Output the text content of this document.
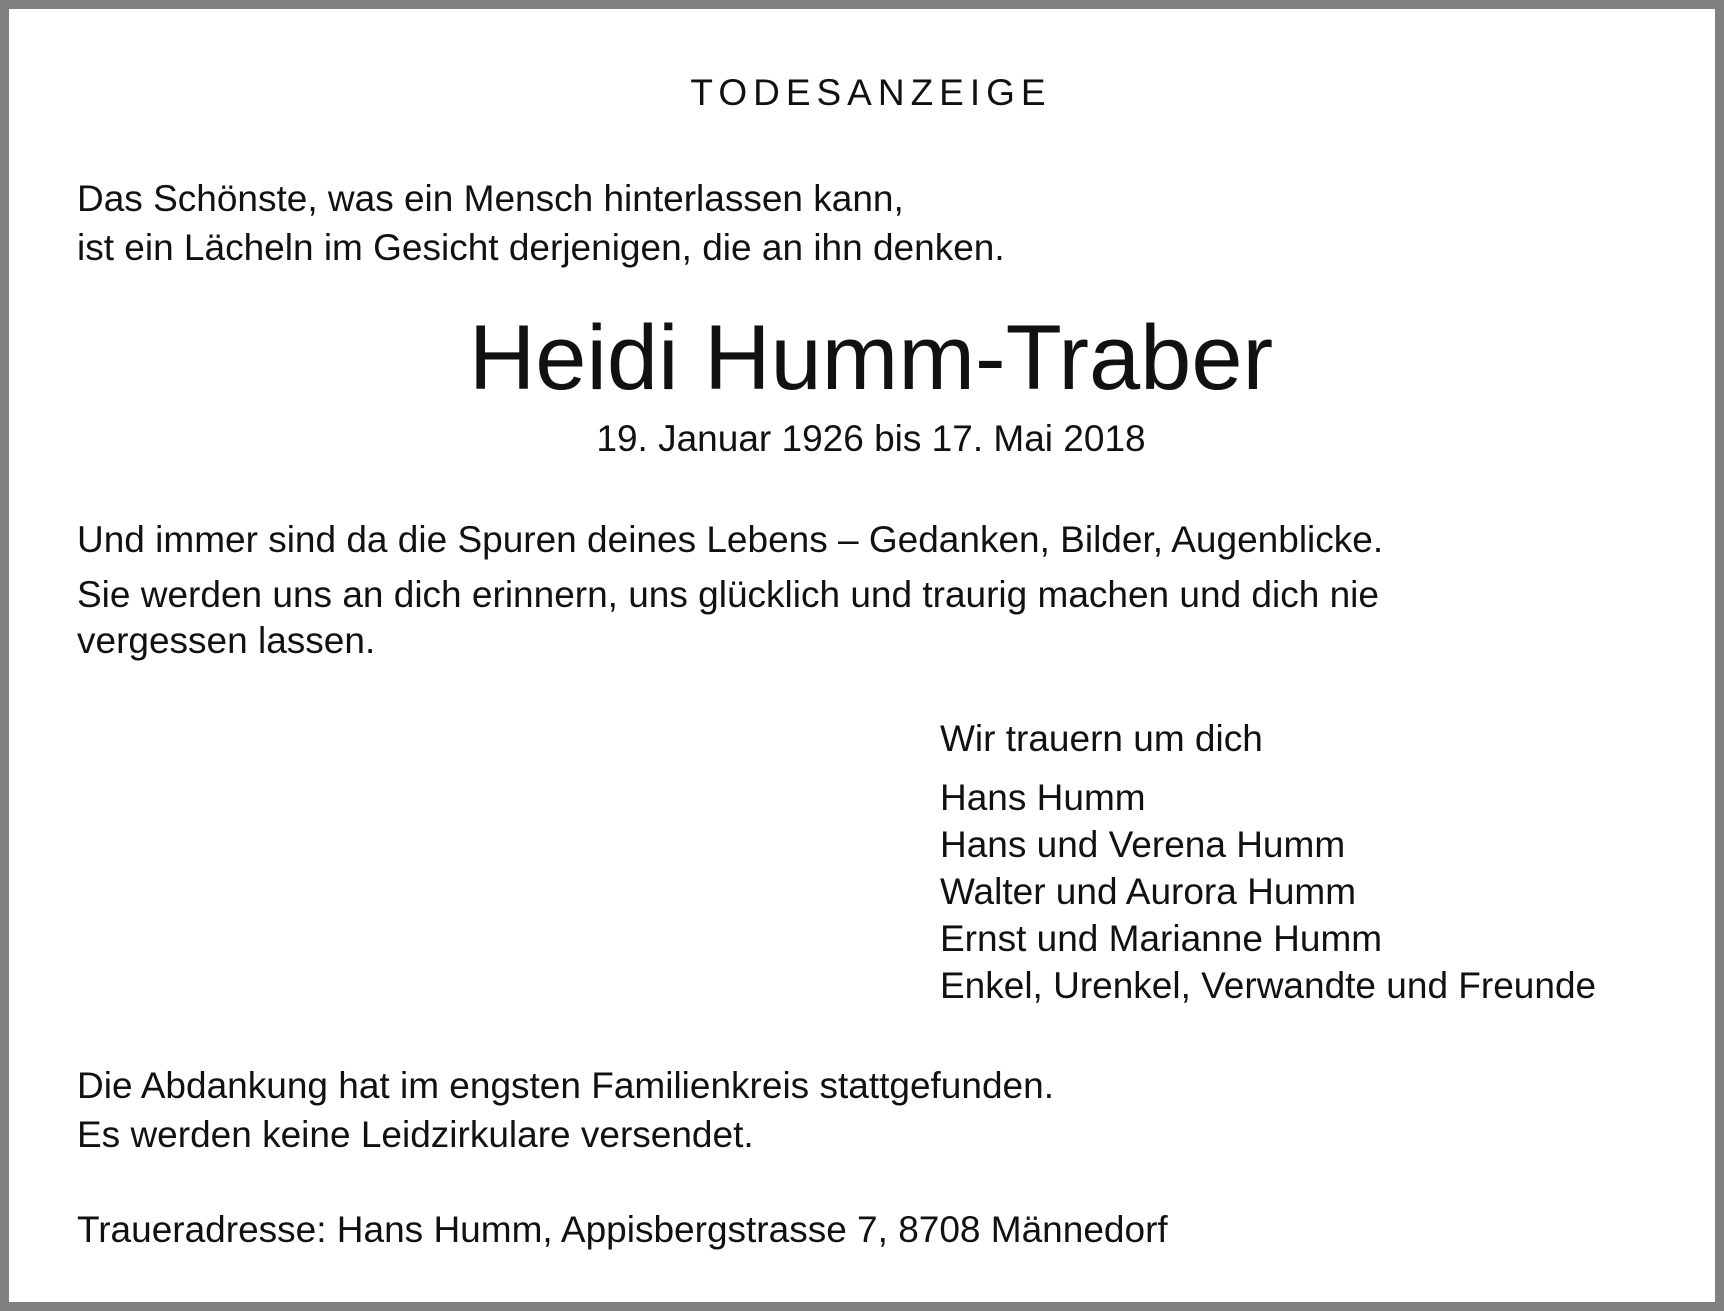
TODESANZEIGE
Das Schönste, was ein Mensch hinterlassen kann,
ist ein Lächeln im Gesicht derjenigen, die an ihn denken.
Heidi Humm-Traber
19. Januar 1926 bis 17. Mai 2018
Und immer sind da die Spuren deines Lebens – Gedanken, Bilder, Augenblicke.
Sie werden uns an dich erinnern, uns glücklich und traurig machen und dich nie
vergessen lassen.
Wir trauern um dich
Hans Humm
Hans und Verena Humm
Walter und Aurora Humm
Ernst und Marianne Humm
Enkel, Urenkel, Verwandte und Freunde
Die Abdankung hat im engsten Familienkreis stattgefunden.
Es werden keine Leidzirkulare versendet.
Traueradresse: Hans Humm, Appisbergstrasse 7, 8708 Männedorf
